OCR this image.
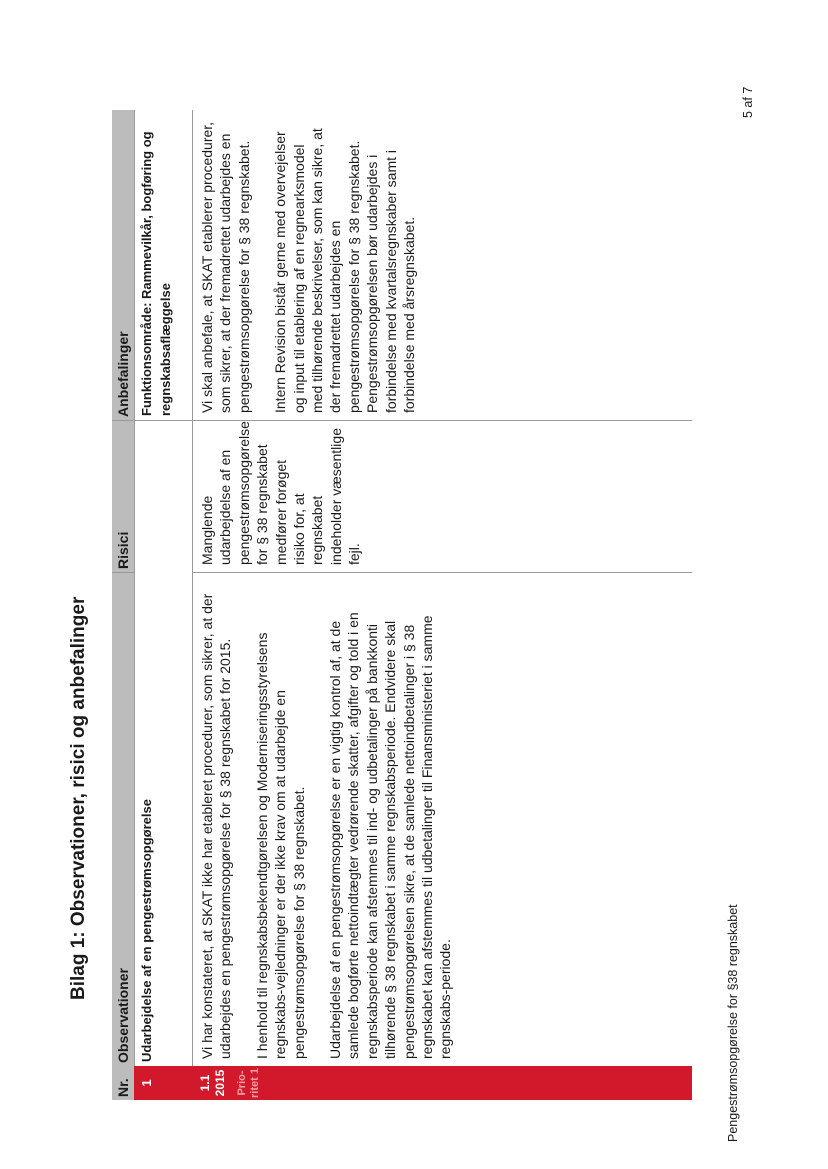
Bilag 1: Observationer, risici og anbefalinger
Nr.
Observationer
Risici
Anbefalinger
1
Udarbejdelse af en pengestrømsopgørelse
Funktionsområde: Rammevilkår, bogføring og regnskabsaflæggelse
1.1 2015 Prio-ritet 1

Vi har konstateret, at SKAT ikke har etableret procedurer, som sikrer, at der udarbejdes en pengestrømsopgørelse for § 38 regnskabet for 2015. I henhold til regnskabsbekendtgørelsen og Moderniseringsstyrelsens regnskabs-vejledninger er der ikke krav om at udarbejde en pengestrømsopgørelse for § 38 regnskabet. Udarbejdelse af en pengestrømsopgørelse er en vigtig kontrol af, at de samlede bogførte nettoindtægter vedrørende skatter, afgifter og told i en regnskabsperiode kan afstemmes til ind- og udbetalinger på bankkonti tilhørende § 38 regnskabet i samme regnskabsperiode. Endvidere skal pengestrømsopgørelsen sikre, at de samlede nettoindbetalinger i § 38 regnskabet kan afstemmes til udbetalinger til Finansministeriet i samme regnskabs-periode.

Manglende udarbejdelse af en pengestrømsopgørelse for § 38 regnskabet medfører forøget risiko for, at regnskabet indeholder væsentlige fejl.

Vi skal anbefale, at SKAT etablerer procedurer, som sikrer, at der fremadrettet udarbejdes en pengestrømsopgørelse for § 38 regnskabet. Intern Revision bistår gerne med overvejelser og input til etablering af en regnearksmodel med tilhørende beskrivelser, som kan sikre, at der fremadrettet udarbejdes en pengestrømsopgørelse for § 38 regnskabet. Pengestrømsopgørelsen bør udarbejdes i forbindelse med kvartalsregnskaber samt i forbindelse med årsregnskabet.

Pengestrømsopgørelse for §38 regnskabet
5 af 7
